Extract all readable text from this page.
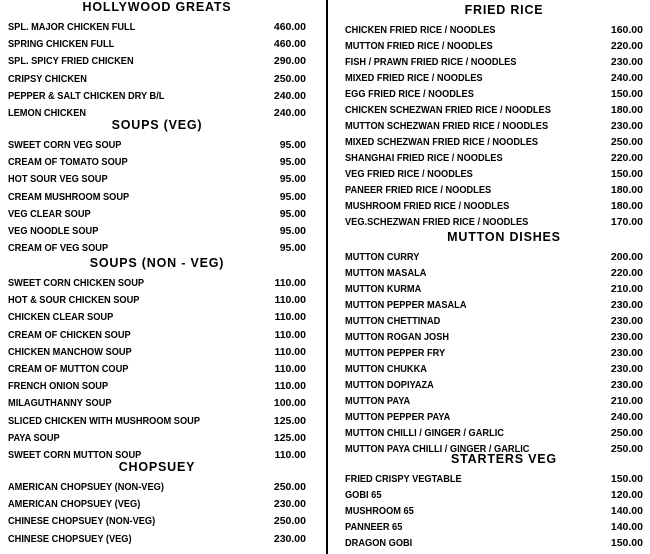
HOLLYWOOD GREATS
SPL. MAJOR CHICKEN FULL	460.00
SPRING CHICKEN FULL	460.00
SPL. SPICY FRIED CHICKEN	290.00
CRIPSY CHICKEN	250.00
PEPPER & SALT CHICKEN DRY B/L	240.00
LEMON CHICKEN	240.00
SOUPS (VEG)
SWEET CORN VEG SOUP	95.00
CREAM OF TOMATO SOUP	95.00
HOT SOUR VEG SOUP	95.00
CREAM MUSHROOM SOUP	95.00
VEG CLEAR SOUP	95.00
VEG NOODLE SOUP	95.00
CREAM OF VEG SOUP	95.00
SOUPS (NON - VEG)
SWEET CORN CHICKEN SOUP	110.00
HOT & SOUR CHICKEN SOUP	110.00
CHICKEN CLEAR SOUP	110.00
CREAM OF CHICKEN SOUP	110.00
CHICKEN MANCHOW SOUP	110.00
CREAM OF MUTTON COUP	110.00
FRENCH ONION SOUP	110.00
MILAGUTHANNY SOUP	100.00
SLICED CHICKEN WITH MUSHROOM SOUP	125.00
PAYA SOUP	125.00
SWEET CORN MUTTON SOUP	110.00
CHOPSUEY
AMERICAN CHOPSUEY (NON-VEG)	250.00
AMERICAN CHOPSUEY (VEG)	230.00
CHINESE CHOPSUEY (NON-VEG)	250.00
CHINESE CHOPSUEY (VEG)	230.00
FRIED RICE
CHICKEN FRIED RICE / NOODLES	160.00
MUTTON FRIED RICE / NOODLES	220.00
FISH / PRAWN FRIED RICE / NOODLES	230.00
MIXED FRIED RICE / NOODLES	240.00
EGG FRIED RICE / NOODLES	150.00
CHICKEN SCHEZWAN FRIED RICE / NOODLES	180.00
MUTTON SCHEZWAN FRIED RICE / NOODLES	230.00
MIXED SCHEZWAN FRIED RICE / NOODLES	250.00
SHANGHAI FRIED RICE / NOODLES	220.00
VEG FRIED RICE / NOODLES	150.00
PANEER FRIED RICE / NOODLES	180.00
MUSHROOM FRIED RICE / NOODLES	180.00
VEG.SCHEZWAN FRIED RICE / NOODLES	170.00
MUTTON DISHES
MUTTON CURRY	200.00
MUTTON MASALA	220.00
MUTTON KURMA	210.00
MUTTON PEPPER MASALA	230.00
MUTTON CHETTINAD	230.00
MUTTON ROGAN JOSH	230.00
MUTTON PEPPER FRY	230.00
MUTTON CHUKKA	230.00
MUTTON DOPIYAZA	230.00
MUTTON PAYA	210.00
MUTTON PEPPER PAYA	240.00
MUTTON CHILLI / GINGER / GARLIC	250.00
MUTTON PAYA CHILLI / GINGER / GARLIC	250.00
STARTERS VEG
FRIED CRISPY VEGTABLE	150.00
GOBI 65	120.00
MUSHROOM 65	140.00
PANNEER 65	140.00
DRAGON GOBI	150.00
